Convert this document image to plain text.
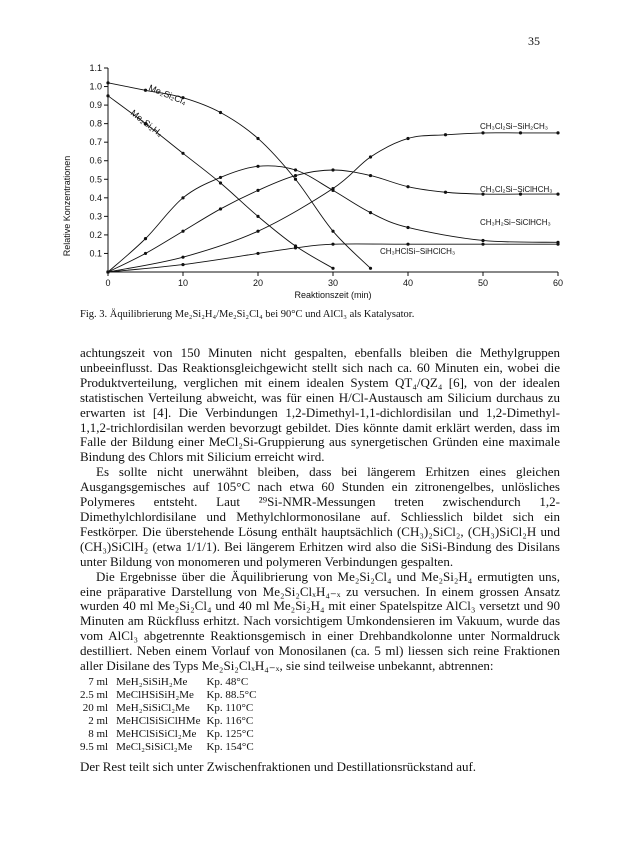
35
0	10	20	30	40	50	60
0.1
0.2
0.3
0.4
0.5
0.6
0.7
0.8
0.9
1.0
1.1
Relative Konzentrationen
Reaktionszeit (min)
Me₂Si₂Cl₄
Me₂Si₂H₄	CH₃Cl₂Si−SiH₂CH₃
CH₃Cl₂Si−SiClHCH₃
CH₃H₂Si−SiClHCH₃
CH₃HClSi−SiHClCH₃
Fig. 3. Äquilibrierung Me₂Si₂H₄/Me₂Si₂Cl₄ bei 90°C und AlCl₃ als Katalysator.

achtungszeit von 150 Minuten nicht gespalten, ebenfalls bleiben die Methylgruppen unbeeinflusst. Das Reaktionsgleichgewicht stellt sich nach ca. 60 Minuten ein, wobei die Produktverteilung, verglichen mit einem idealen System QT₄/QZ₄ [6], von der idealen statistischen Verteilung abweicht, was für einen H/Cl-Austausch am Silicium durchaus zu erwarten ist [4]. Die Verbindungen 1,2-Dimethyl-1,1-dichlordisilan und 1,2-Dimethyl-1,1,2-trichlordisilan werden bevorzugt gebildet. Dies könnte damit erklärt werden, dass im Falle der Bildung einer MeCl₂Si-Gruppierung aus synergetischen Gründen eine maximale Bindung des Chlors mit Silicium erreicht wird.

Es sollte nicht unerwähnt bleiben, dass bei längerem Erhitzen eines gleichen Ausgangsgemisches auf 105°C nach etwa 60 Stunden ein zitronengelbes, unlösliches Polymeres entsteht. Laut ²⁹Si-NMR-Messungen treten zwischendurch 1,2-Dimethylchlordisilane und Methylchlormonosilane auf. Schliesslich bildet sich ein Festkörper. Die überstehende Lösung enthält hauptsächlich (CH₃)₂SiCl₂, (CH₃)SiCl₂H und (CH₃)SiClH₂ (etwa 1/1/1). Bei längerem Erhitzen wird also die SiSi-Bindung des Disilans unter Bildung von monomeren und polymeren Verbindungen gespalten.

Die Ergebnisse über die Äquilibrierung von Me₂Si₂Cl₄ und Me₂Si₂H₄ ermutigten uns, eine präparative Darstellung von Me₂Si₂ClₓH₄₋ₓ zu versuchen. In einem grossen Ansatz wurden 40 ml Me₂Si₂Cl₄ und 40 ml Me₂Si₂H₄ mit einer Spatelspitze AlCl₃ versetzt und 90 Minuten am Rückfluss erhitzt. Nach vorsichtigem Umkondensieren im Vakuum, wurde das vom AlCl₃ abgetrennte Reaktionsgemisch in einer Drehbandkolonne unter Normaldruck destilliert. Neben einem Vorlauf von Monosilanen (ca. 5 ml) liessen sich reine Fraktionen aller Disilane des Typs Me₂Si₂ClₓH₄₋ₓ, sie sind teilweise unbekannt, abtrennen:

7 ml	MeH₂SiSiH₂Me	Kp. 48°C
2.5 ml	MeClHSiSiH₂Me	Kp. 88.5°C
20 ml	MeH₂SiSiCl₂Me	Kp. 110°C
2 ml	MeHClSiSiClHMe	Kp. 116°C
8 ml	MeHClSiSiCl₂Me	Kp. 125°C
9.5 ml	MeCl₂SiSiCl₂Me	Kp. 154°C

Der Rest teilt sich unter Zwischenfraktionen und Destillationsrückstand auf.
